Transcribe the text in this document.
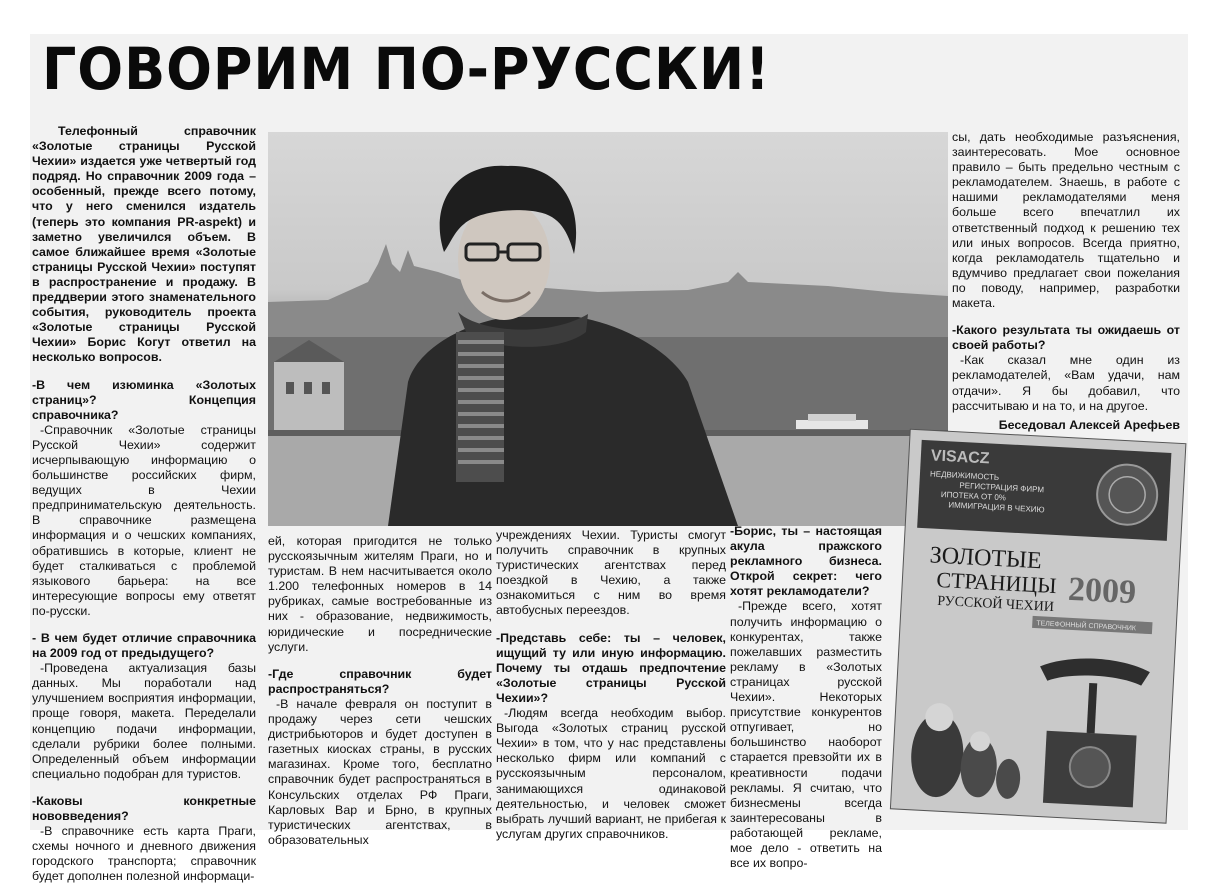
ГОВОРИМ ПО-РУССКИ!

Телефонный справочник «Золотые страницы Русской Чехии» издается уже четвертый год подряд. Но справочник 2009 года – особенный, прежде всего потому, что у него сменился издатель (теперь это компания PR-aspekt) и заметно увеличился объем. В самое ближайшее время «Золотые страницы Русской Чехии» поступят в распространение и продажу. В преддверии этого знаменательного события, руководитель проекта «Золотые страницы Русской Чехии» Борис Когут ответил на несколько вопросов.

-В чем изюминка «Золотых страниц»? Концепция справочника?

-Справочник «Золотые страницы Русской Чехии» содержит исчерпывающую информацию о большинстве российских фирм, ведущих в Чехии предпринимательскую деятельность. В справочнике размещена информация и о чешских компаниях, обратившись в которые, клиент не будет сталкиваться с проблемой языкового барьера: на все интересующие вопросы ему ответят по-русски.

- В чем будет отличие справочника на 2009 год от предыдущего?

-Проведена актуализация базы данных. Мы поработали над улучшением восприятия информации, проще говоря, макета. Переделали концепцию подачи информации, сделали рубрики более полными. Определенный объем информации специально подобран для туристов.

-Каковы конкретные нововведения?

-В справочнике есть карта Праги, схемы ночного и дневного движения городского транспорта; справочник будет дополнен полезной информаци-

ей, которая пригодится не только русскоязычным жителям Праги, но и туристам. В нем насчитывается около 1.200 телефонных номеров в 14 рубриках, самые востребованные из них - образование, недвижимость, юридические и посреднические услуги.

-Где справочник будет распространяться?

-В начале февраля он поступит в продажу через сети чешских дистрибьюторов и будет доступен в газетных киосках страны, в русских магазинах. Кроме того, бесплатно справочник будет распространяться в Консульских отделах РФ Праги, Карловых Вар и Брно, в крупных туристических агентствах, в образовательных

учреждениях Чехии. Туристы смогут получить справочник в крупных туристических агентствах перед поездкой в Чехию, а также ознакомиться с ним во время автобусных переездов.

-Представь себе: ты – человек, ищущий ту или иную информацию. Почему ты отдашь предпочтение «Золотые страницы Русской Чехии»?

-Людям всегда необходим выбор. Выгода «Золотых страниц русской Чехии» в том, что у нас представлены несколько фирм или компаний с русскоязычным персоналом, занимающихся одинаковой деятельностью, и человек сможет выбрать лучший вариант, не прибегая к услугам других справочников.

-Борис, ты – настоящая акула пражского рекламного бизнеса. Открой секрет: чего хотят рекламодатели?

-Прежде всего, хотят получить информацию о конкурентах, также пожелавших разместить рекламу в «Золотых страницах русской Чехии». Некоторых присутствие конкурентов отпугивает, но большинство наоборот старается превзойти их в креативности подачи рекламы. Я считаю, что бизнесмены всегда заинтересованы в работающей рекламе, мое дело - ответить на все их вопро-

сы, дать необходимые разъяснения, заинтересовать. Мое основное правило – быть предельно честным с рекламодателем. Знаешь, в работе с нашими рекламодателями меня больше всего впечатлил их ответственный подход к решению тех или иных вопросов. Всегда приятно, когда рекламодатель тщательно и вдумчиво предлагает свои пожелания по поводу, например, разработки макета.

-Какого результата ты ожидаешь от своей работы?

-Как сказал мне один из рекламодателей, «Вам удачи, нам отдачи». Я бы добавил, что рассчитываю и на то, и на другое.

Беседовал Алексей Арефьев

VISACZ
НЕДВИЖИМОСТЬ
РЕГИСТРАЦИЯ ФИРМ
ИПОТЕКА ОТ 0%
ИММИГРАЦИЯ В ЧЕХИЮ
ЗОЛОТЫЕ
СТРАНИЦЫ
РУССКОЙ ЧЕХИИ 2009
ТЕЛЕФОННЫЙ СПРАВОЧНИК
